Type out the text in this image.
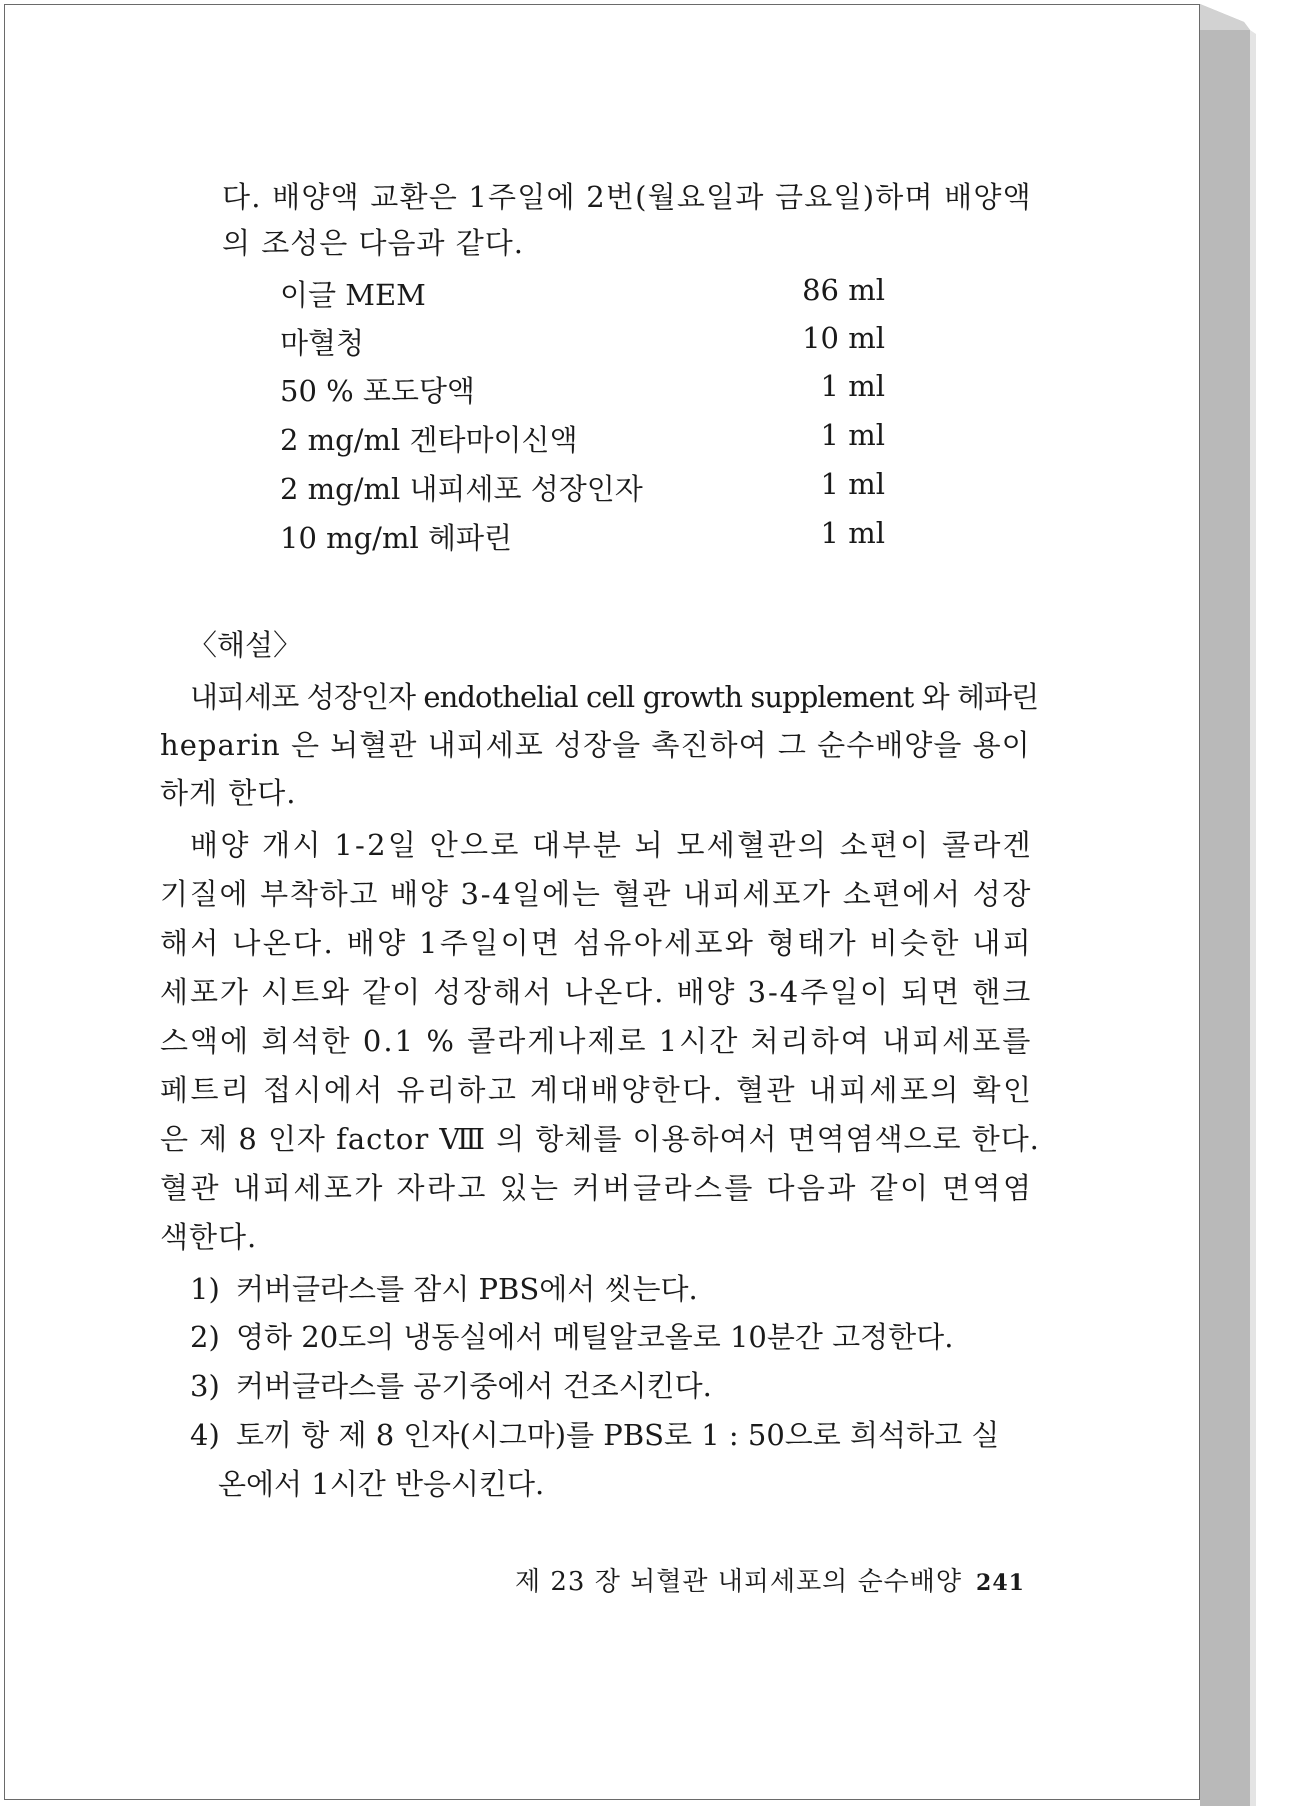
다. 배양액 교환은 1주일에 2번(월요일과 금요일)하며 배양액
의 조성은 다음과 같다.
이글 MEM	86 ml
마혈청	10 ml
50 % 포도당액	1 ml
2 mg/ml 겐타마이신액	1 ml
2 mg/ml 내피세포 성장인자	1 ml
10 mg/ml 헤파린	1 ml
〈해설〉
내피세포 성장인자 endothelial cell growth supplement 와 헤파린
heparin 은 뇌혈관 내피세포 성장을 촉진하여 그 순수배양을 용이
하게 한다.
배양 개시 1-2일 안으로 대부분 뇌 모세혈관의 소편이 콜라겐
기질에 부착하고 배양 3-4일에는 혈관 내피세포가 소편에서 성장
해서 나온다. 배양 1주일이면 섬유아세포와 형태가 비슷한 내피
세포가 시트와 같이 성장해서 나온다. 배양 3-4주일이 되면 핸크
스액에 희석한 0.1 % 콜라게나제로 1시간 처리하여 내피세포를
페트리 접시에서 유리하고 계대배양한다. 혈관 내피세포의 확인
은 제 8 인자 factor Ⅷ 의 항체를 이용하여서 면역염색으로 한다.
혈관 내피세포가 자라고 있는 커버글라스를 다음과 같이 면역염
색한다.
1) 커버글라스를 잠시 PBS에서 씻는다.
2) 영하 20도의 냉동실에서 메틸알코올로 10분간 고정한다.
3) 커버글라스를 공기중에서 건조시킨다.
4) 토끼 항 제 8 인자(시그마)를 PBS로 1 : 50으로 희석하고 실
온에서 1시간 반응시킨다.
제 23 장 뇌혈관 내피세포의 순수배양 241
